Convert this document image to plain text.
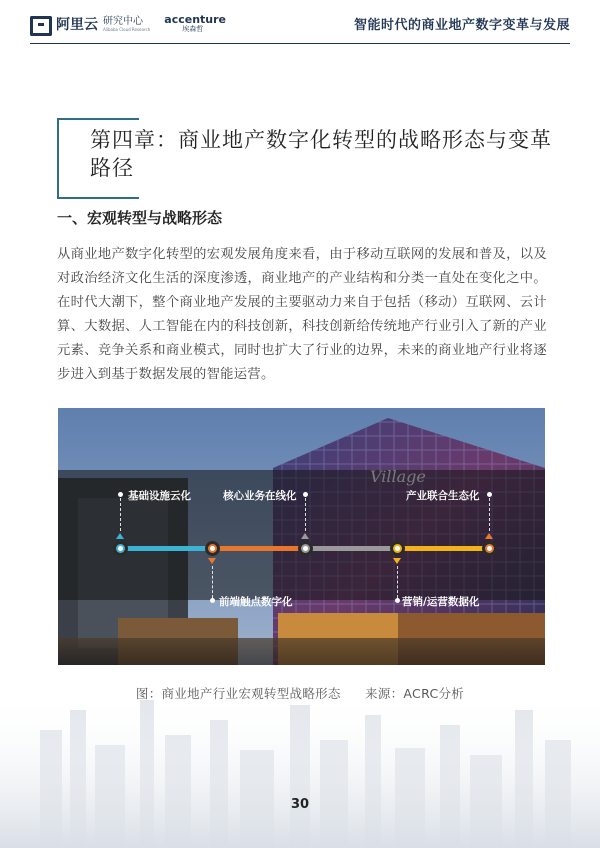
阿里云 研究中心
Alibaba Cloud Research
accenture
埃森哲	智能时代的商业地产数字变革与发展
第四章：商业地产数字化转型的战略形态与变革路径
一、宏观转型与战略形态

从商业地产数字化转型的宏观发展角度来看，由于移动互联网的发展和普及，以及对政治经济文化生活的深度渗透，商业地产的产业结构和分类一直处在变化之中。在时代大潮下，整个商业地产发展的主要驱动力来自于包括（移动）互联网、云计算、大数据、人工智能在内的科技创新，科技创新给传统地产行业引入了新的产业元素、竞争关系和商业模式，同时也扩大了行业的边界，未来的商业地产行业将逐步进入到基于数据发展的智能运营。

基础设施云化
前端触点数字化
核心业务在线化
营销/运营数据化
产业联合生态化
30
